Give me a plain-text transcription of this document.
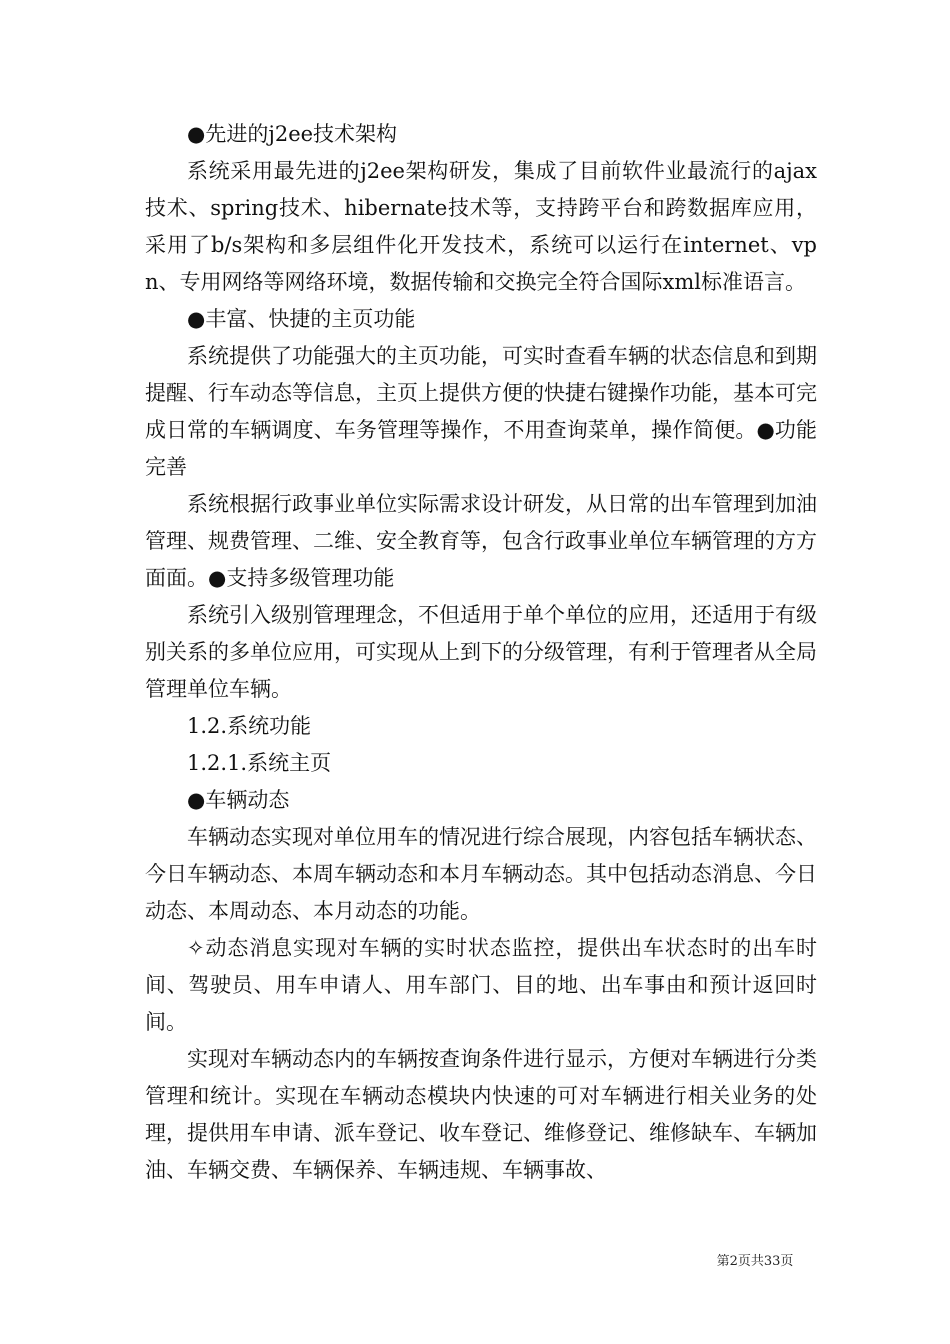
●先进的j2ee技术架构

系统采用最先进的j2ee架构研发，集成了目前软件业最流行的ajax技术、spring技术、hibernate技术等，支持跨平台和跨数据库应用，采用了b/s架构和多层组件化开发技术，系统可以运行在internet、vpn、专用网络等网络环境，数据传输和交换完全符合国际xml标准语言。

●丰富、快捷的主页功能

系统提供了功能强大的主页功能，可实时查看车辆的状态信息和到期提醒、行车动态等信息，主页上提供方便的快捷右键操作功能，基本可完成日常的车辆调度、车务管理等操作，不用查询菜单，操作简便。●功能完善

系统根据行政事业单位实际需求设计研发，从日常的出车管理到加油管理、规费管理、二维、安全教育等，包含行政事业单位车辆管理的方方面面。●支持多级管理功能

系统引入级别管理理念，不但适用于单个单位的应用，还适用于有级别关系的多单位应用，可实现从上到下的分级管理，有利于管理者从全局管理单位车辆。

1.2.系统功能

1.2.1.系统主页

●车辆动态

车辆动态实现对单位用车的情况进行综合展现，内容包括车辆状态、今日车辆动态、本周车辆动态和本月车辆动态。其中包括动态消息、今日动态、本周动态、本月动态的功能。

✧动态消息实现对车辆的实时状态监控，提供出车状态时的出车时间、驾驶员、用车申请人、用车部门、目的地、出车事由和预计返回时间。

实现对车辆动态内的车辆按查询条件进行显示，方便对车辆进行分类管理和统计。实现在车辆动态模块内快速的可对车辆进行相关业务的处理，提供用车申请、派车登记、收车登记、维修登记、维修缺车、车辆加油、车辆交费、车辆保养、车辆违规、车辆事故、

第2页共33页
